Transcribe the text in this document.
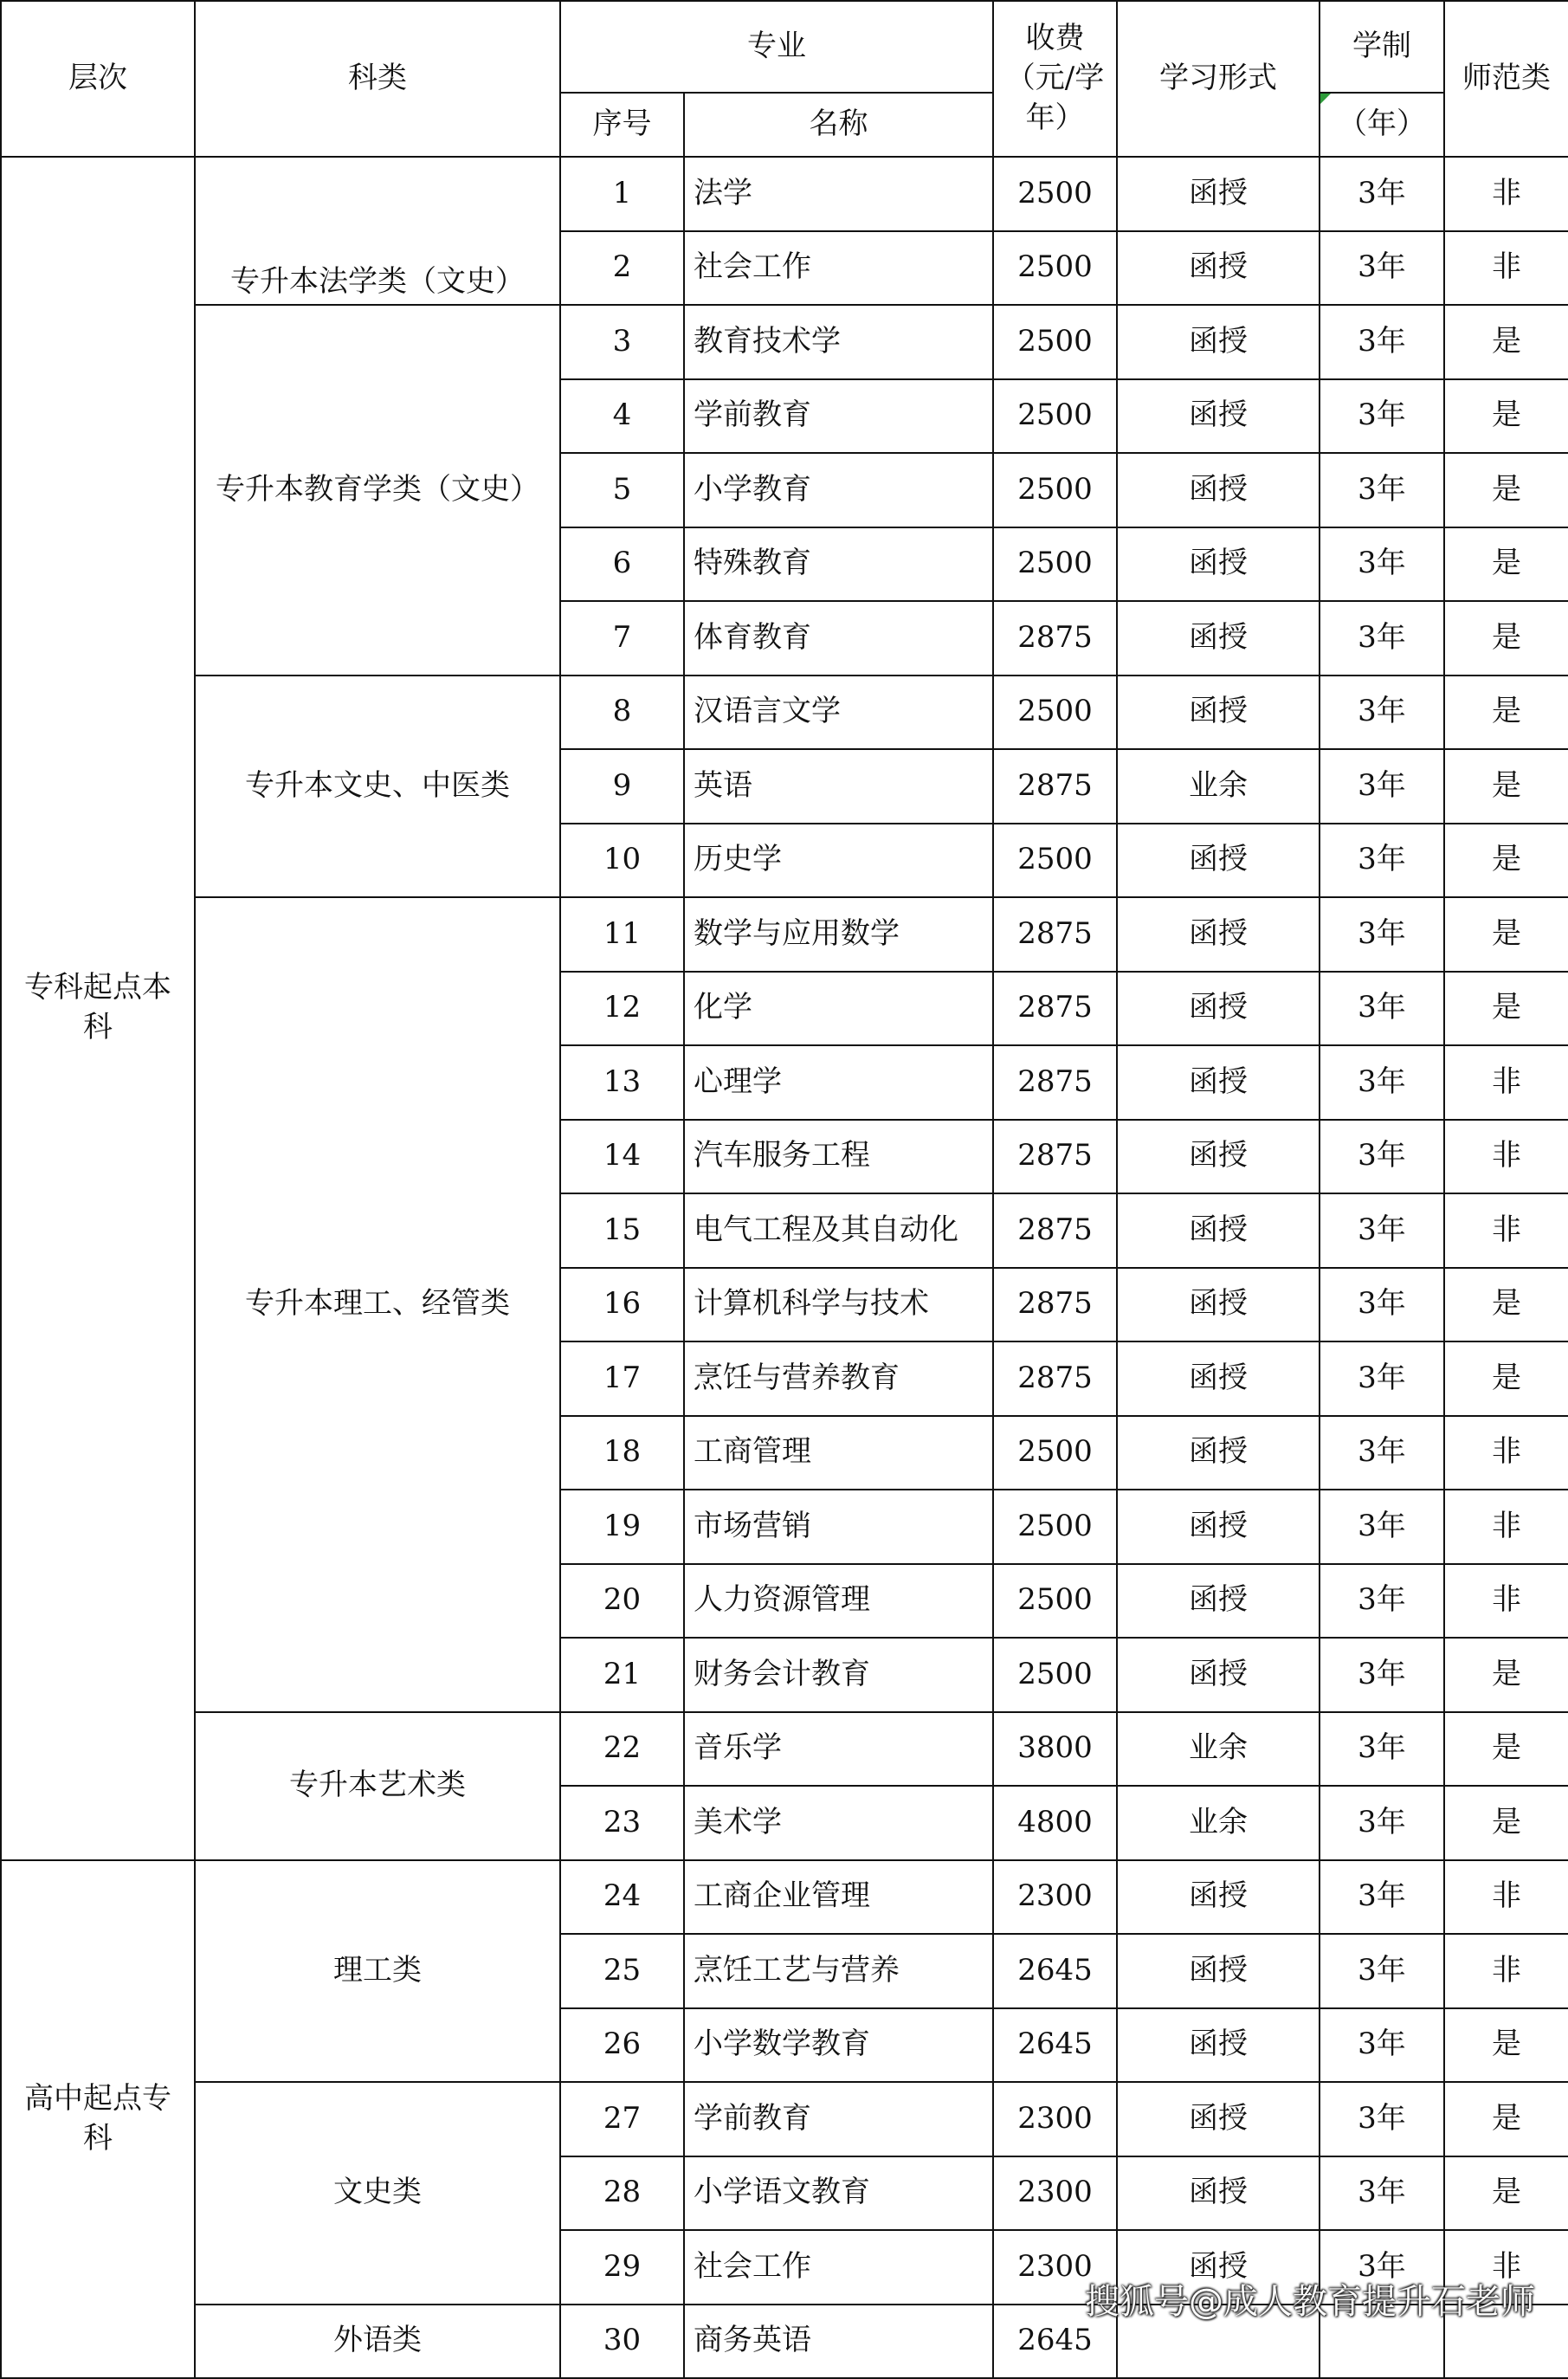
层次	科类	专业		收费（元/学年）	学习形式	学制	师范类
		序号	名称			（年）	
专科起点本科	专升本法学类（文史）	1	法学	2500	函授	3年	非
		2	社会工作	2500	函授	3年	非
	专升本教育学类（文史）	3	教育技术学	2500	函授	3年	是
		4	学前教育	2500	函授	3年	是
		5	小学教育	2500	函授	3年	是
		6	特殊教育	2500	函授	3年	是
		7	体育教育	2875	函授	3年	是
	专升本文史、中医类	8	汉语言文学	2500	函授	3年	是
		9	英语	2875	业余	3年	是
		10	历史学	2500	函授	3年	是
	专升本理工、经管类	11	数学与应用数学	2875	函授	3年	是
		12	化学	2875	函授	3年	是
		13	心理学	2875	函授	3年	非
		14	汽车服务工程	2875	函授	3年	非
		15	电气工程及其自动化	2875	函授	3年	非
		16	计算机科学与技术	2875	函授	3年	是
		17	烹饪与营养教育	2875	函授	3年	是
		18	工商管理	2500	函授	3年	非
		19	市场营销	2500	函授	3年	非
		20	人力资源管理	2500	函授	3年	非
		21	财务会计教育	2500	函授	3年	是
	专升本艺术类	22	音乐学	3800	业余	3年	是
		23	美术学	4800	业余	3年	是
高中起点专科	理工类	24	工商企业管理	2300	函授	3年	非
		25	烹饪工艺与营养	2645	函授	3年	非
		26	小学数学教育	2645	函授	3年	是
	文史类	27	学前教育	2300	函授	3年	是
		28	小学语文教育	2300	函授	3年	是
		29	社会工作	2300	函授	3年	非
	外语类	30	商务英语	2645			
搜狐号@成人教育提升石老师
